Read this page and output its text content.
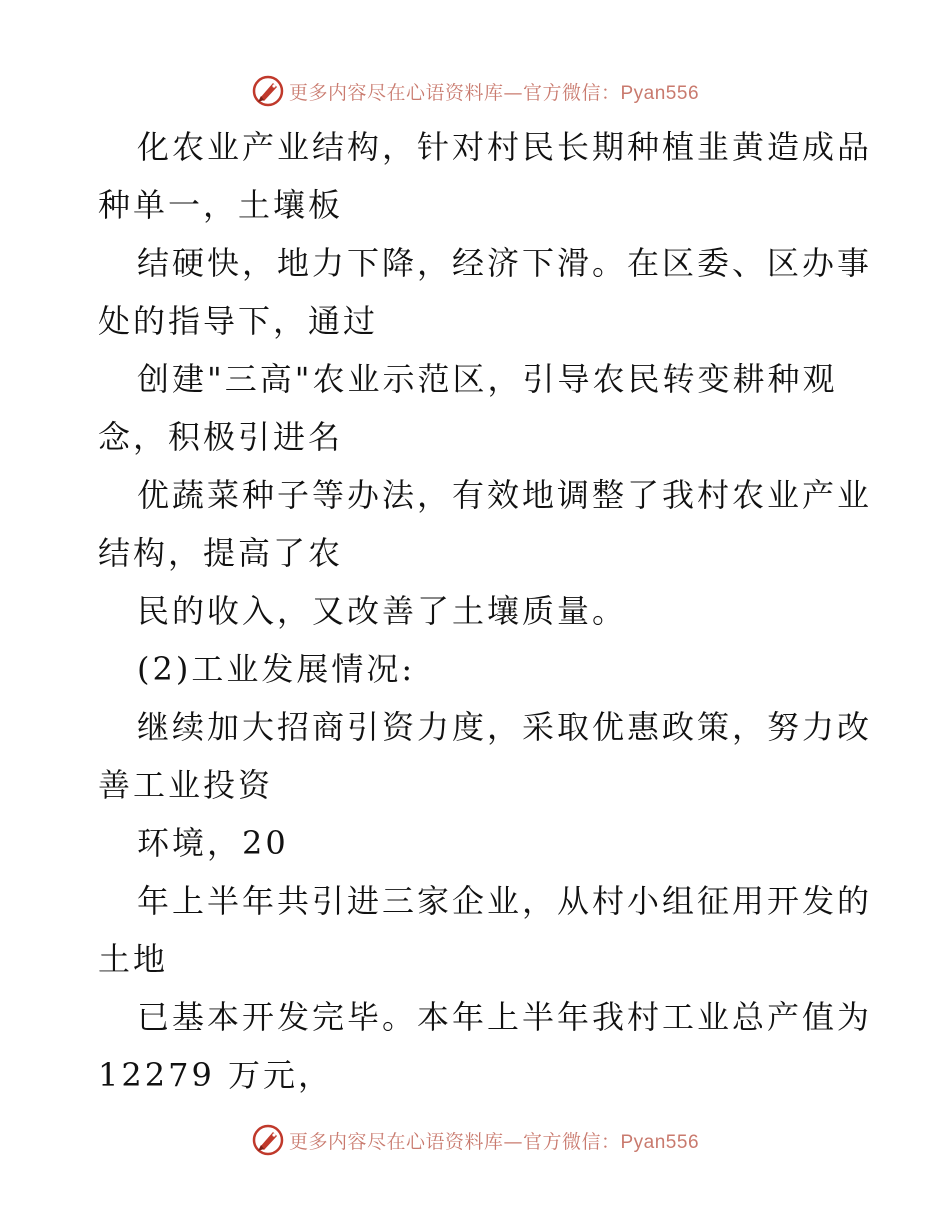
更多内容尽在心语资料库—官方微信：Pyan556
化农业产业结构，针对村民长期种植韭黄造成品
种单一，土壤板
结硬快，地力下降，经济下滑。在区委、区办事
处的指导下，通过
创建"三高"农业示范区，引导农民转变耕种观
念，积极引进名
优蔬菜种子等办法，有效地调整了我村农业产业
结构，提高了农
民的收入，又改善了土壤质量。
(2)工业发展情况:
继续加大招商引资力度，采取优惠政策，努力改
善工业投资
环境，20
年上半年共引进三家企业，从村小组征用开发的
土地
已基本开发完毕。本年上半年我村工业总产值为
12279 万元，
更多内容尽在心语资料库—官方微信：Pyan556
